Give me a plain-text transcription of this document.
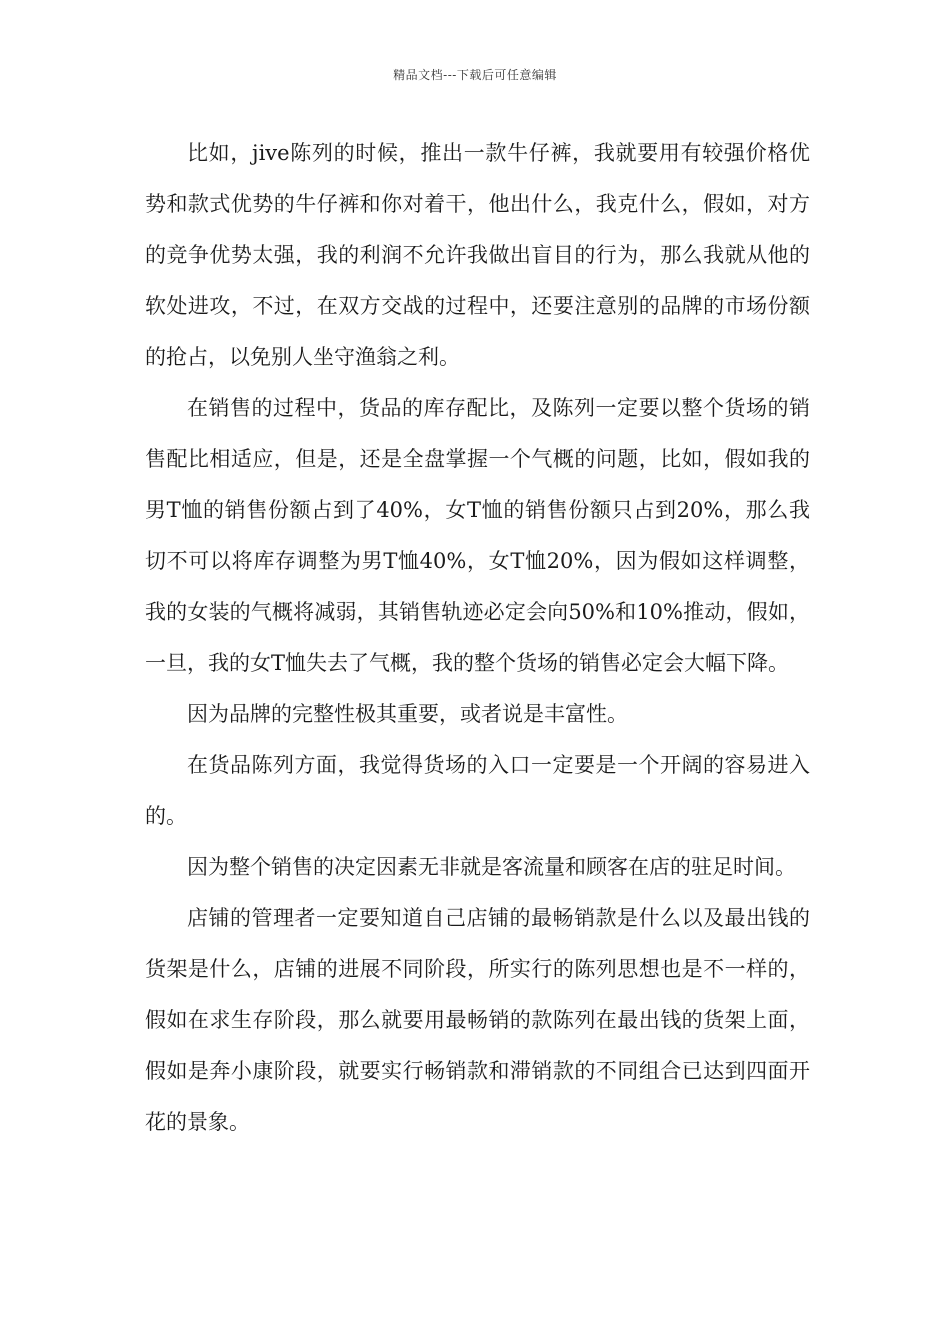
精品文档---下载后可任意编辑

比如，jive陈列的时候，推出一款牛仔裤，我就要用有较强价格优势和款式优势的牛仔裤和你对着干，他出什么，我克什么，假如，对方的竞争优势太强，我的利润不允许我做出盲目的行为，那么我就从他的软处进攻，不过，在双方交战的过程中，还要注意别的品牌的市场份额的抢占，以免别人坐守渔翁之利。

在销售的过程中，货品的库存配比，及陈列一定要以整个货场的销售配比相适应，但是，还是全盘掌握一个气概的问题，比如，假如我的男T恤的销售份额占到了40%，女T恤的销售份额只占到20%，那么我切不可以将库存调整为男T恤40%，女T恤20%，因为假如这样调整，我的女装的气概将减弱，其销售轨迹必定会向50%和10%推动，假如，一旦，我的女T恤失去了气概，我的整个货场的销售必定会大幅下降。

因为品牌的完整性极其重要，或者说是丰富性。

在货品陈列方面，我觉得货场的入口一定要是一个开阔的容易进入的。

因为整个销售的决定因素无非就是客流量和顾客在店的驻足时间。

店铺的管理者一定要知道自己店铺的最畅销款是什么以及最出钱的货架是什么，店铺的进展不同阶段，所实行的陈列思想也是不一样的，假如在求生存阶段，那么就要用最畅销的款陈列在最出钱的货架上面，假如是奔小康阶段，就要实行畅销款和滞销款的不同组合已达到四面开花的景象。
